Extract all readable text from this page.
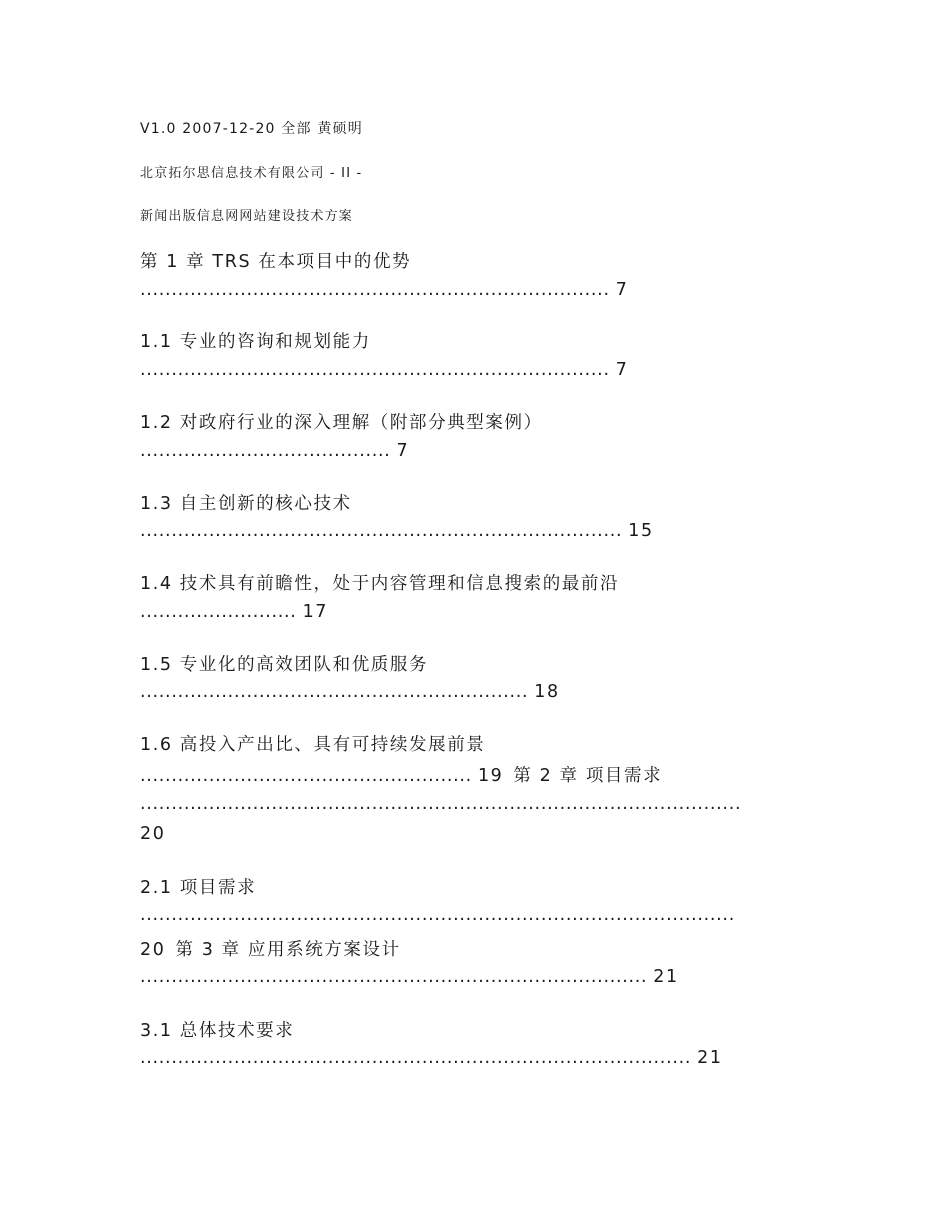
V1.0 2007-12-20 全部 黄硕明
北京拓尔思信息技术有限公司 - II -
新闻出版信息网网站建设技术方案
第 1 章 TRS 在本项目中的优势
........................................................................... 7
1.1 专业的咨询和规划能力
........................................................................... 7
1.2 对政府行业的深入理解（附部分典型案例）
........................................ 7
1.3 自主创新的核心技术
............................................................................. 15
1.4 技术具有前瞻性，处于内容管理和信息搜索的最前沿
......................... 17
1.5 专业化的高效团队和优质服务
.............................................................. 18
1.6 高投入产出比、具有可持续发展前景
..................................................... 19 第 2 章 项目需求
................................................................................................
20
2.1 项目需求
...............................................................................................
20 第 3 章 应用系统方案设计
................................................................................. 21
3.1 总体技术要求
........................................................................................ 21
